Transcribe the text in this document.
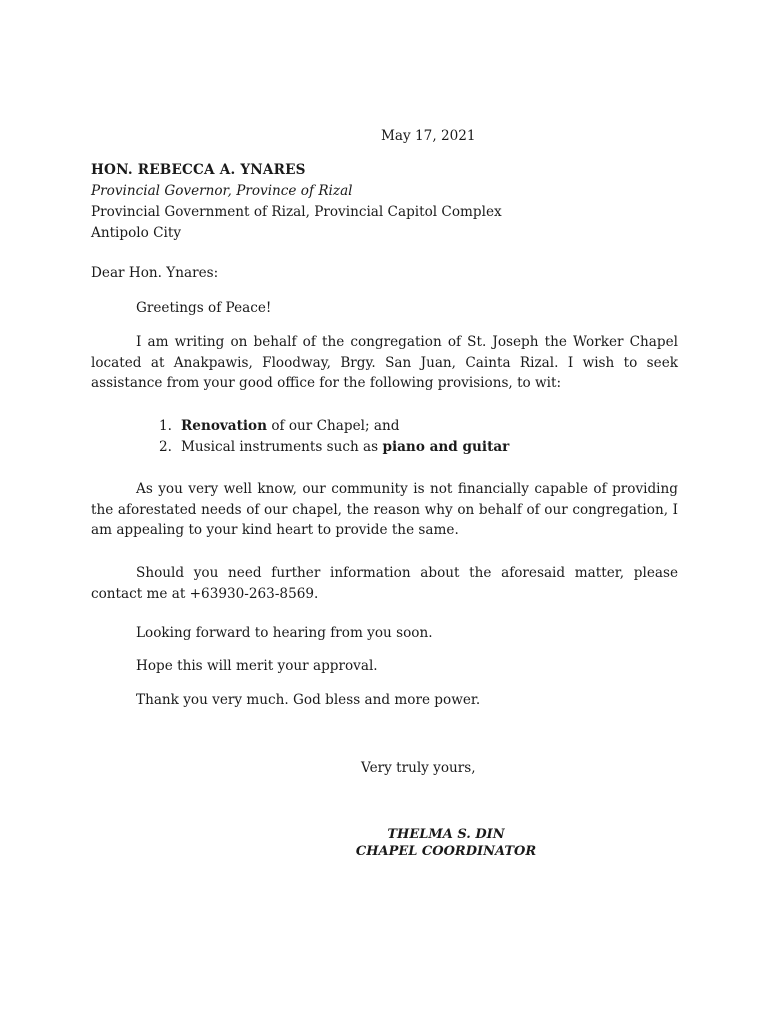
May 17, 2021
HON. REBECCA A. YNARES
Provincial Governor, Province of Rizal
Provincial Government of Rizal, Provincial Capitol Complex
Antipolo City
Dear Hon. Ynares:
Greetings of Peace!

I am writing on behalf of the congregation of St. Joseph the Worker Chapel located at Anakpawis, Floodway, Brgy. San Juan, Cainta Rizal. I wish to seek assistance from your good office for the following provisions, to wit:

1. Renovation of our Chapel; and
2. Musical instruments such as piano and guitar

As you very well know, our community is not financially capable of providing the aforestated needs of our chapel, the reason why on behalf of our congregation, I am appealing to your kind heart to provide the same.

Should you need further information about the aforesaid matter, please contact me at +63930-263-8569.

Looking forward to hearing from you soon.
Hope this will merit your approval.
Thank you very much. God bless and more power.
Very truly yours,
THELMA S. DIN
CHAPEL COORDINATOR
